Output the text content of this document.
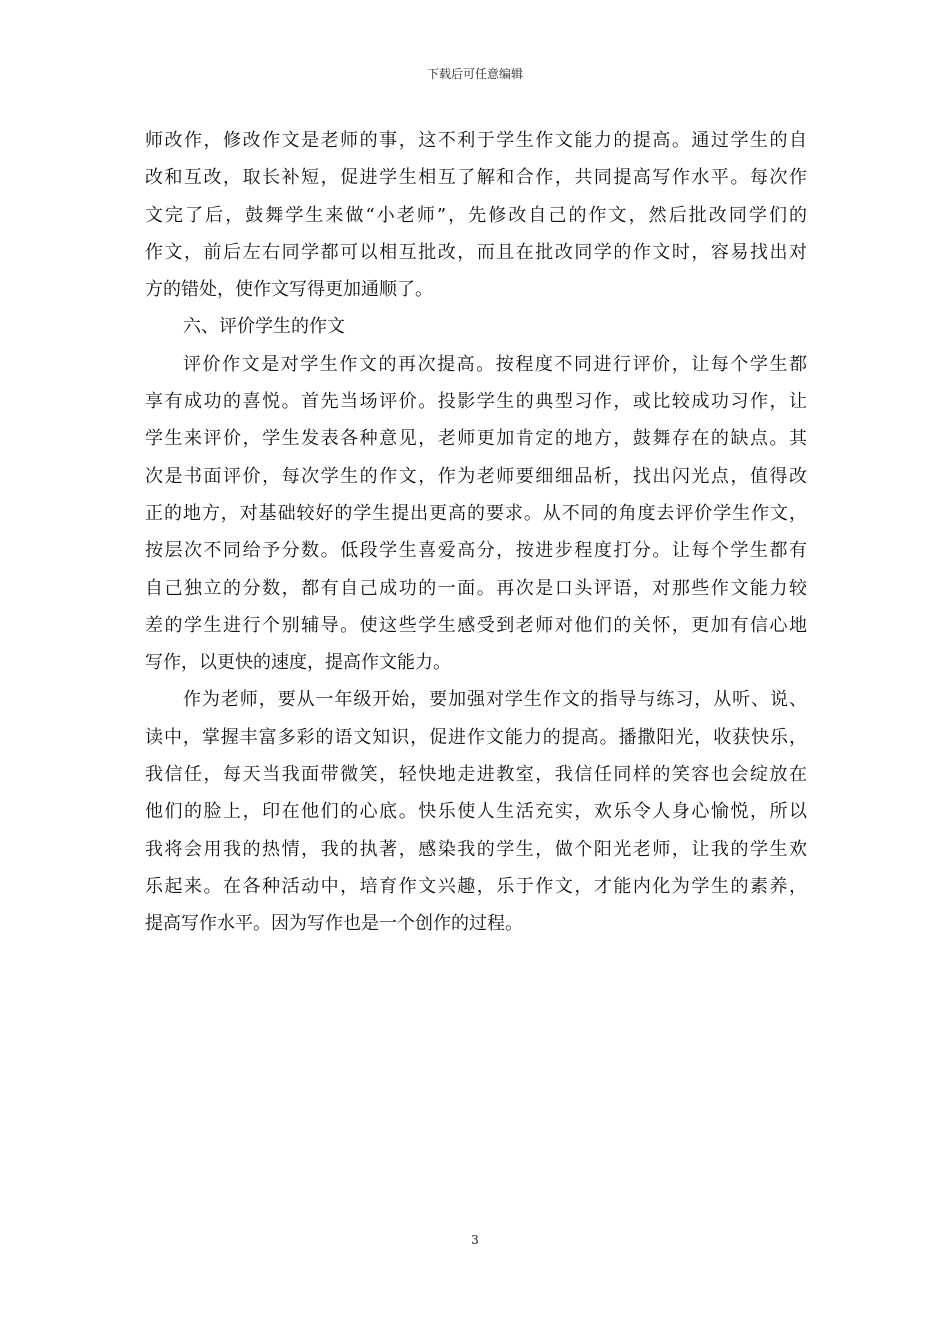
下载后可任意编辑
师改作，修改作文是老师的事，这不利于学生作文能力的提高。通过学生的自
改和互改，取长补短，促进学生相互了解和合作，共同提高写作水平。每次作
文完了后，鼓舞学生来做“小老师”，先修改自己的作文，然后批改同学们的
作文，前后左右同学都可以相互批改，而且在批改同学的作文时，容易找出对
方的错处，使作文写得更加通顺了。
六、评价学生的作文
评价作文是对学生作文的再次提高。按程度不同进行评价，让每个学生都
享有成功的喜悦。首先当场评价。投影学生的典型习作，或比较成功习作，让
学生来评价，学生发表各种意见，老师更加肯定的地方，鼓舞存在的缺点。其
次是书面评价，每次学生的作文，作为老师要细细品析，找出闪光点，值得改
正的地方，对基础较好的学生提出更高的要求。从不同的角度去评价学生作文，
按层次不同给予分数。低段学生喜爱高分，按进步程度打分。让每个学生都有
自己独立的分数，都有自己成功的一面。再次是口头评语，对那些作文能力较
差的学生进行个别辅导。使这些学生感受到老师对他们的关怀，更加有信心地
写作，以更快的速度，提高作文能力。
作为老师，要从一年级开始，要加强对学生作文的指导与练习，从听、说、
读中，掌握丰富多彩的语文知识，促进作文能力的提高。播撒阳光，收获快乐，
我信任，每天当我面带微笑，轻快地走进教室，我信任同样的笑容也会绽放在
他们的脸上，印在他们的心底。快乐使人生活充实，欢乐令人身心愉悦，所以
我将会用我的热情，我的执著，感染我的学生，做个阳光老师，让我的学生欢
乐起来。在各种活动中，培育作文兴趣，乐于作文，才能内化为学生的素养，
提高写作水平。因为写作也是一个创作的过程。
3
